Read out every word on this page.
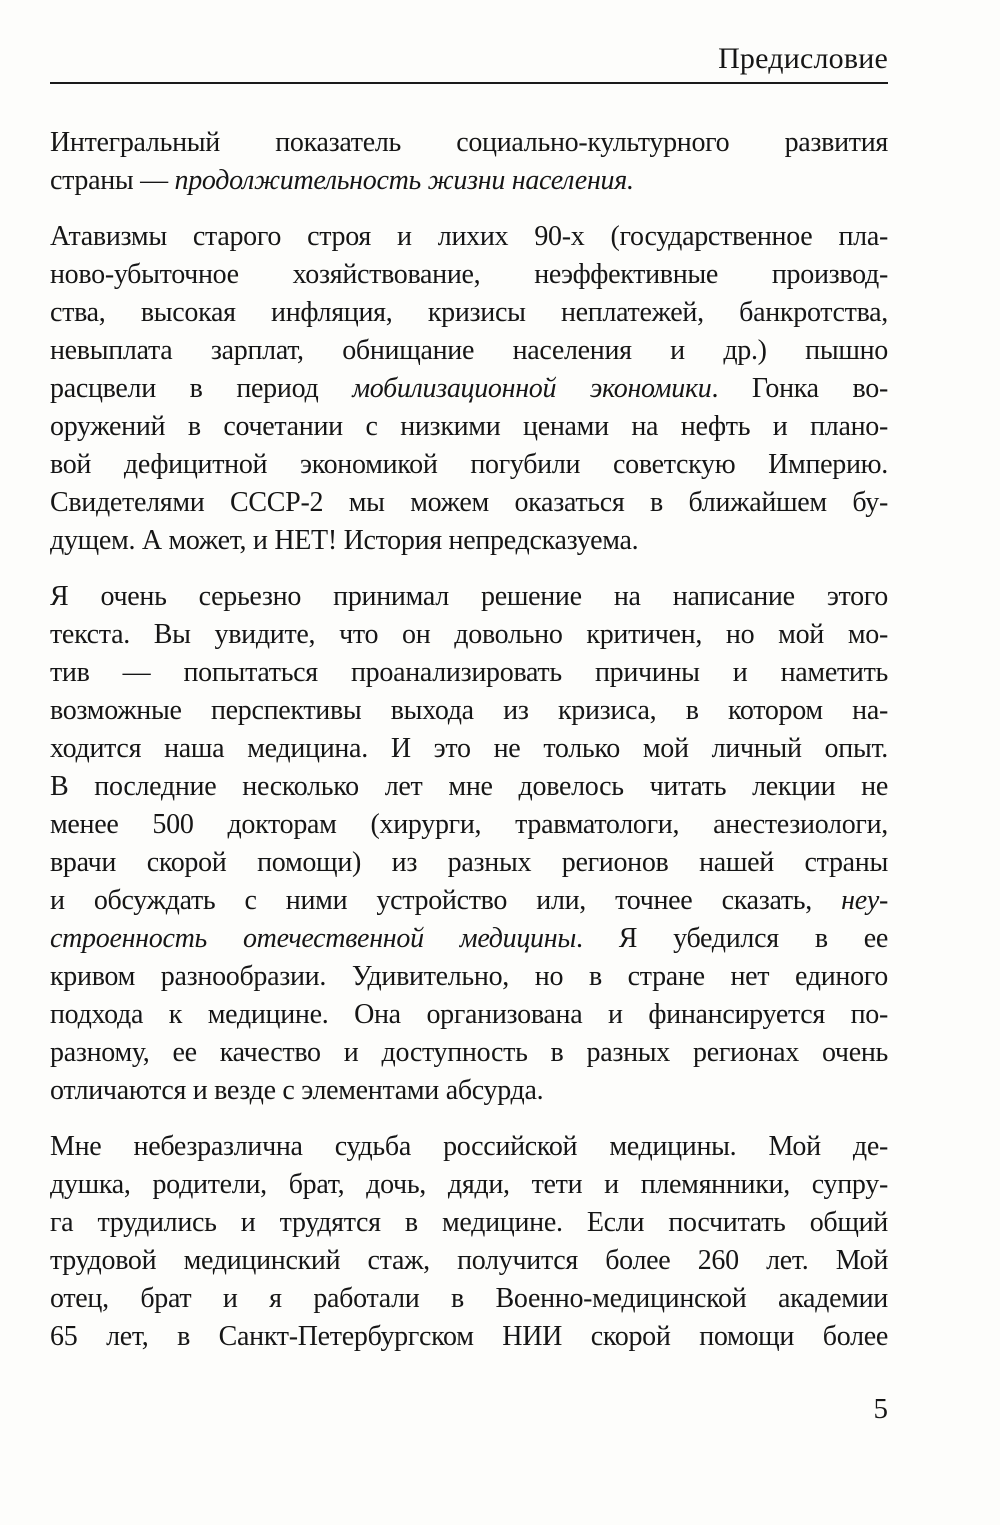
Предисловие

Интегральный показатель социально-культурного развития
страны — продолжительность жизни населения.

Атавизмы старого строя и лихих 90-х (государственное пла-
ново-убыточное хозяйствование, неэффективные производ-
ства, высокая инфляция, кризисы неплатежей, банкротства,
невыплата зарплат, обнищание населения и др.) пышно
расцвели в период мобилизационной экономики. Гонка во-
оружений в сочетании с низкими ценами на нефть и плано-
вой дефицитной экономикой погубили советскую Империю.
Свидетелями СССР-2 мы можем оказаться в ближайшем бу-
дущем. А может, и НЕТ! История непредсказуема.

Я очень серьезно принимал решение на написание этого
текста. Вы увидите, что он довольно критичен, но мой мо-
тив — попытаться проанализировать причины и наметить
возможные перспективы выхода из кризиса, в котором на-
ходится наша медицина. И это не только мой личный опыт.
В последние несколько лет мне довелось читать лекции не
менее 500 докторам (хирурги, травматологи, анестезиологи,
врачи скорой помощи) из разных регионов нашей страны
и обсуждать с ними устройство или, точнее сказать, неу-
строенность отечественной медицины. Я убедился в ее
кривом разнообразии. Удивительно, но в стране нет единого
подхода к медицине. Она организована и финансируется по-
разному, ее качество и доступность в разных регионах очень
отличаются и везде с элементами абсурда.

Мне небезразлична судьба российской медицины. Мой де-
душка, родители, брат, дочь, дяди, тети и племянники, супру-
га трудились и трудятся в медицине. Если посчитать общий
трудовой медицинский стаж, получится более 260 лет. Мой
отец, брат и я работали в Военно-медицинской академии
65 лет, в Санкт-Петербургском НИИ скорой помощи более

5
